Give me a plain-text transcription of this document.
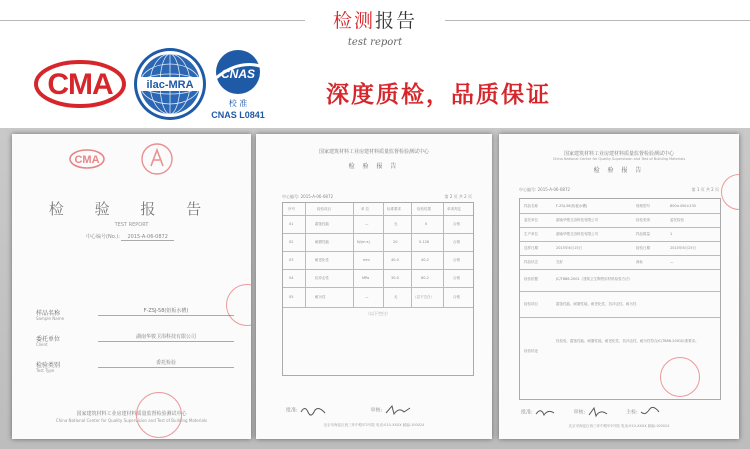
检测报告
test report
CMA	ilac-MRA
CNAS
校 准
CNAS L0841
深度质检，品质保证
CMA
检 验 报 告
TEST REPORT
中心编号(No.): 2015-A-06-0872
样品名称
Sample Name
F-ZSJ-58(铝板水槽)
委托单位
Client
湖南华骏卫浴科技有限公司
检验类别
Test Type
委托检验
国家建筑材料工业房建材料质量监督检验测试中心
China National Center for Quality Supervision and Test of Building Materials
国家建筑材料工业房建材料质量监督检验测试中心
检 验 报 告
中心编号: 2015-A-06-0872	第 2 页 共 2 页
序号	检验项目	单 位	标准要求	检验结果	单项判定
01	腐蚀性能	—	无	0	合格
02	耐磨性能	N/(m·s)	20	0.126	合格
03	耐老化性	mm	40.0	40.2	合格
04	抗冲击性	MPa	30.0	60.2	合格
05	耐污性	—	无	（以下空白）	合格
（以下空白）
批准:	审核:
北京市海淀区西三环中路甲2号院 电话:010-XXXX 邮编:100024
国家建筑材料工业房建材料质量监督检验测试中心
China National Center for Quality Supervision and Test of Building Materials
检 验 报 告
中心编号: 2015-A-06-0872	第 1 页 共 2 页
样品名称	F-ZSJ-58(铝板水槽)	规格型号	800×450×230
委托单位	湖南华骏卫浴科技有限公司	检验类别	委托检验
生产单位	湖南华骏卫浴科技有限公司	样品数量	1
送样日期	2015年6月15日	检验日期	2015年6月25日
样品状态	完好	商标	—
检验依据	JC/T886-2001《建筑卫生陶瓷用材料检验方法》
检验项目	腐蚀性能、耐磨性能、耐老化性、抗冲击性、耐污性
检验结论
经检验，腐蚀性能、耐磨性能、耐老化性、抗冲击性、耐污性符合JC/T886-2001标准要求。
批准:	审核:	主检:
北京市海淀区西三环中路甲2号院 电话:010-XXXX 邮编:100024
